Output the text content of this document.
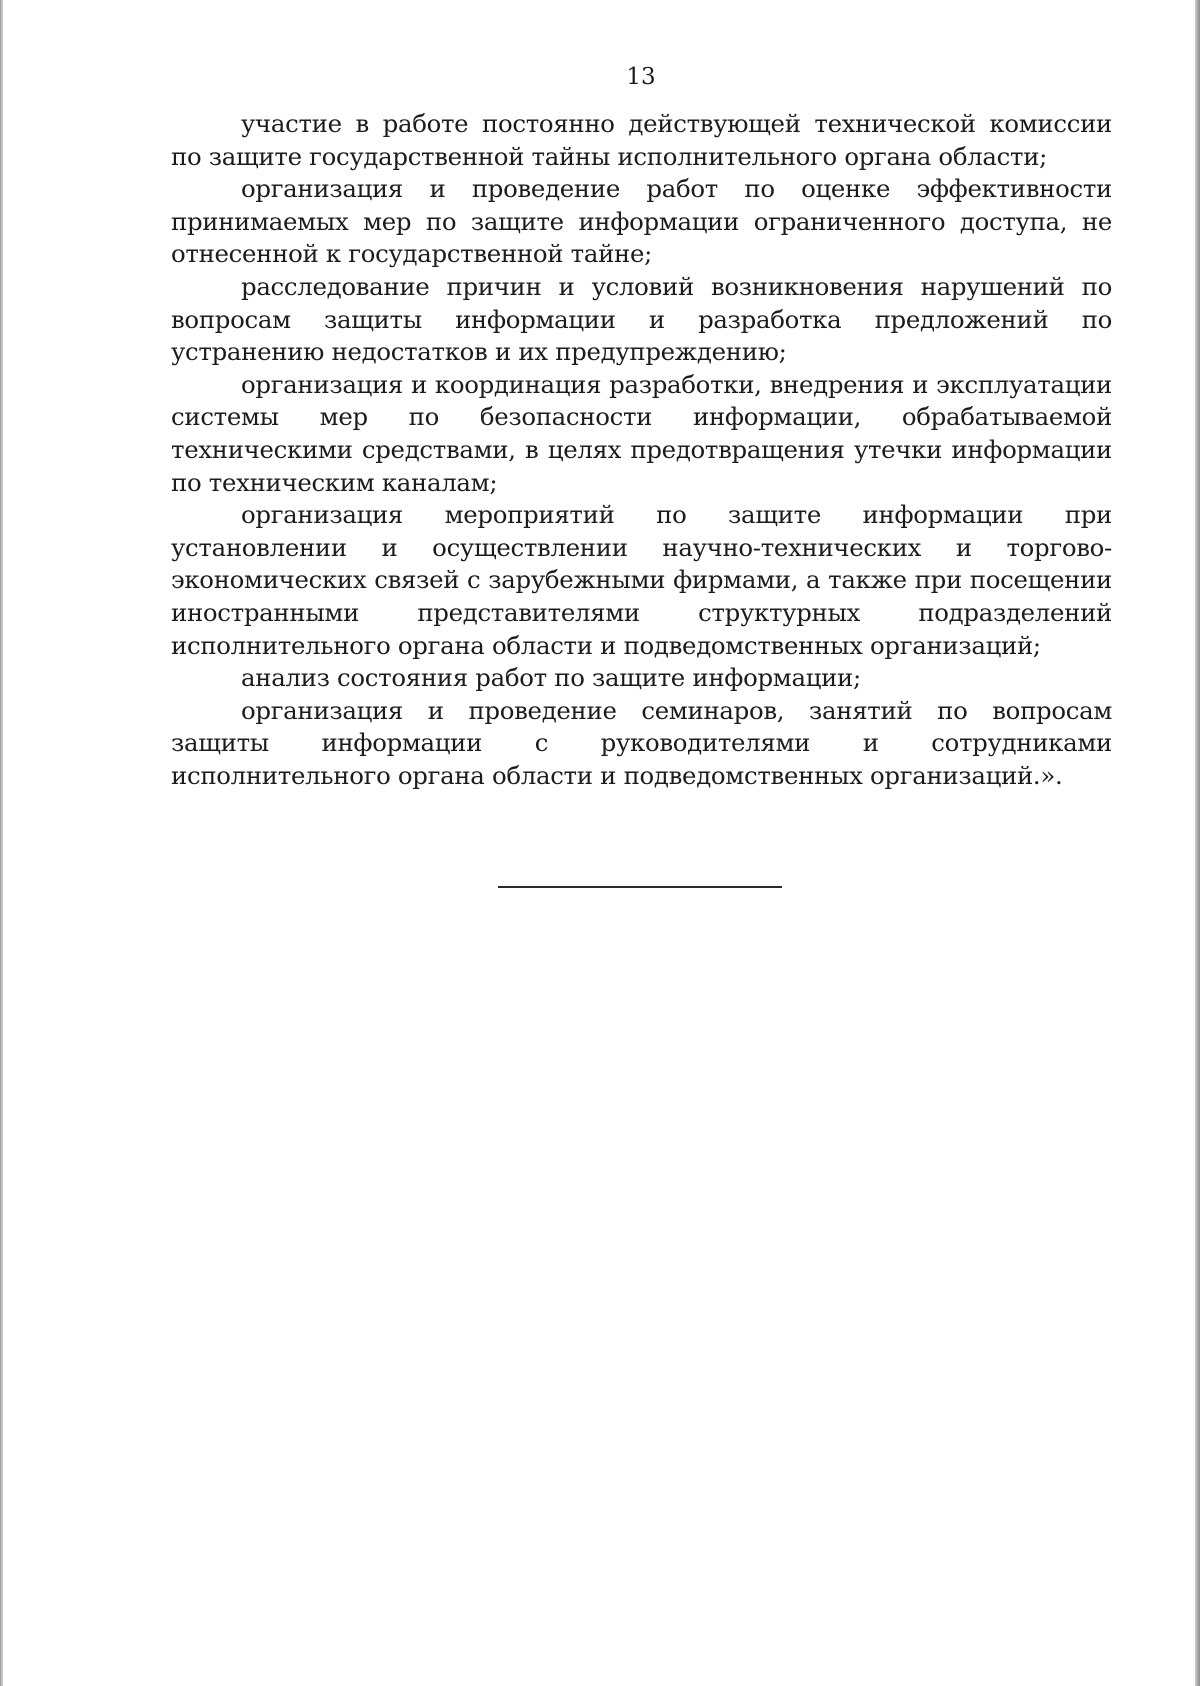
13

участие в работе постоянно действующей технической комиссии по защите государственной тайны исполнительного органа области;

организация и проведение работ по оценке эффективности принимаемых мер по защите информации ограниченного доступа, не отнесенной к государственной тайне;

расследование причин и условий возникновения нарушений по вопросам защиты информации и разработка предложений по устранению недостатков и их предупреждению;

организация и координация разработки, внедрения и эксплуатации системы мер по безопасности информации, обрабатываемой техническими средствами, в целях предотвращения утечки информации по техническим каналам;

организация мероприятий по защите информации при установлении и осуществлении научно-технических и торгово-экономических связей с зарубежными фирмами, а также при посещении иностранными представителями структурных подразделений исполнительного органа области и подведомственных организаций;

анализ состояния работ по защите информации;

организация и проведение семинаров, занятий по вопросам защиты информации с руководителями и сотрудниками исполнительного органа области и подведомственных организаций.».
